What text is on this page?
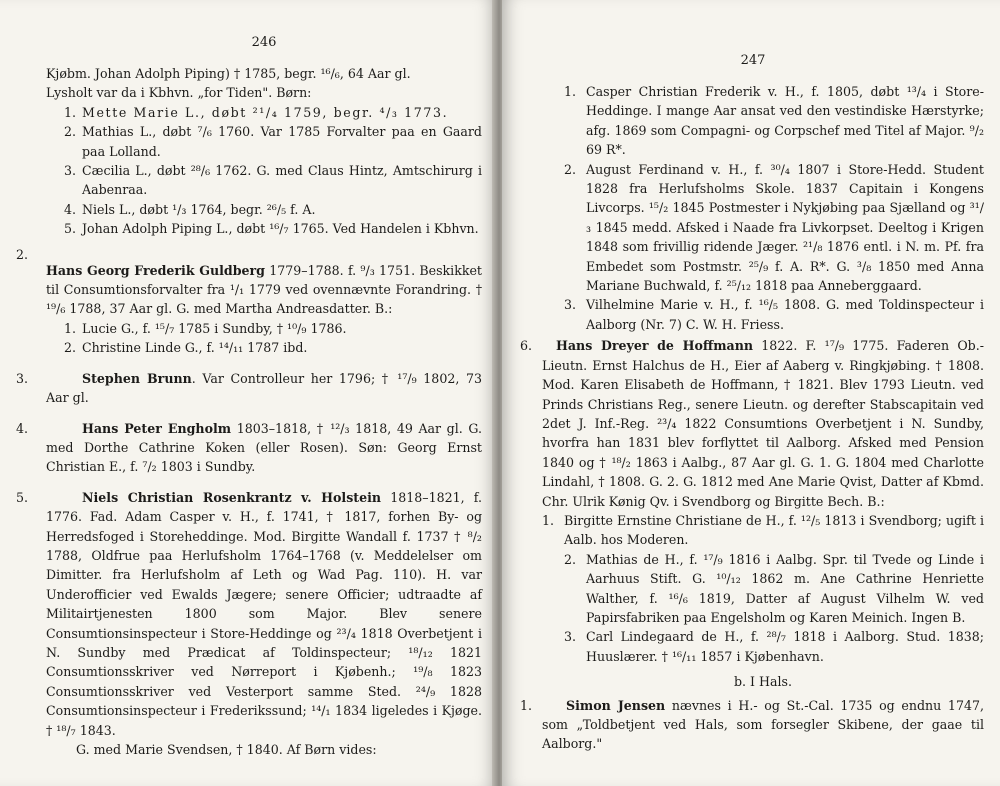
246

Kjøbm. Johan Adolph Piping) † 1785, begr. ¹⁶/₆, 64 Aar gl.

Lysholt var da i Kbhvn. „for Tiden". Børn:

1. Mette Marie L., døbt ²¹/₄ 1759, begr. ⁴/₃ 1773.

2. Mathias L., døbt ⁷/₆ 1760. Var 1785 Forvalter paa en Gaard paa Lolland.

3. Cæcilia L., døbt ²⁸/₆ 1762. G. med Claus Hintz, Amtschirurg i Aabenraa.

4. Niels L., døbt ¹/₃ 1764, begr. ²⁶/₅ f. A.

5. Johan Adolph Piping L., døbt ¹⁶/₇ 1765. Ved Handelen i Kbhvn.

2.

Hans Georg Frederik Guldberg 1779–1788. f. ⁹/₃ 1751. Beskikket til Consumtionsforvalter fra ¹/₁ 1779 ved ovennævnte Forandring. † ¹⁹/₆ 1788, 37 Aar gl. G. med Martha Andreasdatter. B.:

1. Lucie G., f. ¹⁵/₇ 1785 i Sundby, † ¹⁰/₉ 1786.

2. Christine Linde G., f. ¹⁴/₁₁ 1787 ibd.

3.	Stephen Brunn. Var Controlleur her 1796; † ¹⁷/₉ 1802, 73 Aar gl.

4.	Hans Peter Engholm 1803–1818, † ¹²/₃ 1818, 49 Aar gl. G. med Dorthe Cathrine Koken (eller Rosen). Søn: Georg Ernst Christian E., f. ⁷/₂ 1803 i Sundby.

5.	Niels Christian Rosenkrantz v. Holstein 1818–1821, f. 1776. Fad. Adam Casper v. H., f. 1741, † 1817, forhen By- og Herredsfoged i Storeheddinge. Mod. Birgitte Wandall f. 1737 † ⁸/₂ 1788, Oldfrue paa Herlufsholm 1764–1768 (v. Meddelelser om Dimitter. fra Herlufsholm af Leth og Wad Pag. 110). H. var Underofficier ved Ewalds Jægere; senere Officier; udtraadte af Militairtjenesten 1800 som Major. Blev senere Consumtionsinspecteur i Store-Heddinge og ²³/₄ 1818 Overbetjent i N. Sundby med Prædicat af Toldinspecteur; ¹⁸/₁₂ 1821 Consumtionsskriver ved Nørreport i Kjøbenh.; ¹⁹/₈ 1823 Consumtionsskriver ved Vesterport samme Sted. ²⁴/₉ 1828 Consumtionsinspecteur i Frederikssund; ¹⁴/₁ 1834 ligeledes i Kjøge. † ¹⁸/₇ 1843.

G. med Marie Svendsen, † 1840. Af Børn vides:

247
1. Casper Christian Frederik v. H., f. 1805, døbt ¹³/₄ i Store-Heddinge. I mange Aar ansat ved den vestindiske Hærstyrke; afg. 1869 som Compagni- og Corpschef med Titel af Major. ⁹/₂ 69 R*.

2. August Ferdinand v. H., f. ³⁰/₄ 1807 i Store-Hedd. Student 1828 fra Herlufsholms Skole. 1837 Capitain i Kongens Livcorps. ¹⁵/₂ 1845 Postmester i Nykjøbing paa Sjælland og ³¹/₃ 1845 medd. Afsked i Naade fra Livkorpset. Deeltog i Krigen 1848 som frivillig ridende Jæger. ²¹/₈ 1876 entl. i N. m. Pf. fra Embedet som Postmstr. ²⁵/₉ f. A. R*. G. ³/₈ 1850 med Anna Mariane Buchwald, f. ²⁵/₁₂ 1818 paa Anneberggaard.

3. Vilhelmine Marie v. H., f. ¹⁶/₅ 1808. G. med Toldinspecteur i Aalborg (Nr. 7) C. W. H. Friess.

6.	Hans Dreyer de Hoffmann 1822. F. ¹⁷/₉ 1775. Faderen Ob.-Lieutn. Ernst Halchus de H., Eier af Aaberg v. Ringkjøbing. † 1808. Mod. Karen Elisabeth de Hoffmann, † 1821. Blev 1793 Lieutn. ved Prinds Christians Reg., senere Lieutn. og derefter Stabscapitain ved 2det J. Inf.-Reg. ²³/₄ 1822 Consumtions Overbetjent i N. Sundby, hvorfra han 1831 blev forflyttet til Aalborg. Afsked med Pension 1840 og † ¹⁸/₂ 1863 i Aalbg., 87 Aar gl. G. 1. G. 1804 med Charlotte Lindahl, † 1808. G. 2. G. 1812 med Ane Marie Qvist, Datter af Kbmd. Chr. Ulrik Kønig Qv. i Svendborg og Birgitte Bech. B.:

1. Birgitte Ernstine Christiane de H., f. ¹²/₅ 1813 i Svendborg; ugift i Aalb. hos Moderen.

2. Mathias de H., f. ¹⁷/₉ 1816 i Aalbg. Spr. til Tvede og Linde i Aarhuus Stift. G. ¹⁰/₁₂ 1862 m. Ane Cathrine Henriette Walther, f. ¹⁶/₆ 1819, Datter af August Vilhelm W. ved Papirsfabriken paa Engelsholm og Karen Meinich. Ingen B.

3. Carl Lindegaard de H., f. ²⁸/₇ 1818 i Aalborg. Stud. 1838; Huuslærer. † ¹⁶/₁₁ 1857 i Kjøbenhavn.

b. I Hals.

1.	Simon Jensen nævnes i H.- og St.-Cal. 1735 og endnu 1747, som „Toldbetjent ved Hals, som forsegler Skibene, der gaae til Aalborg."
